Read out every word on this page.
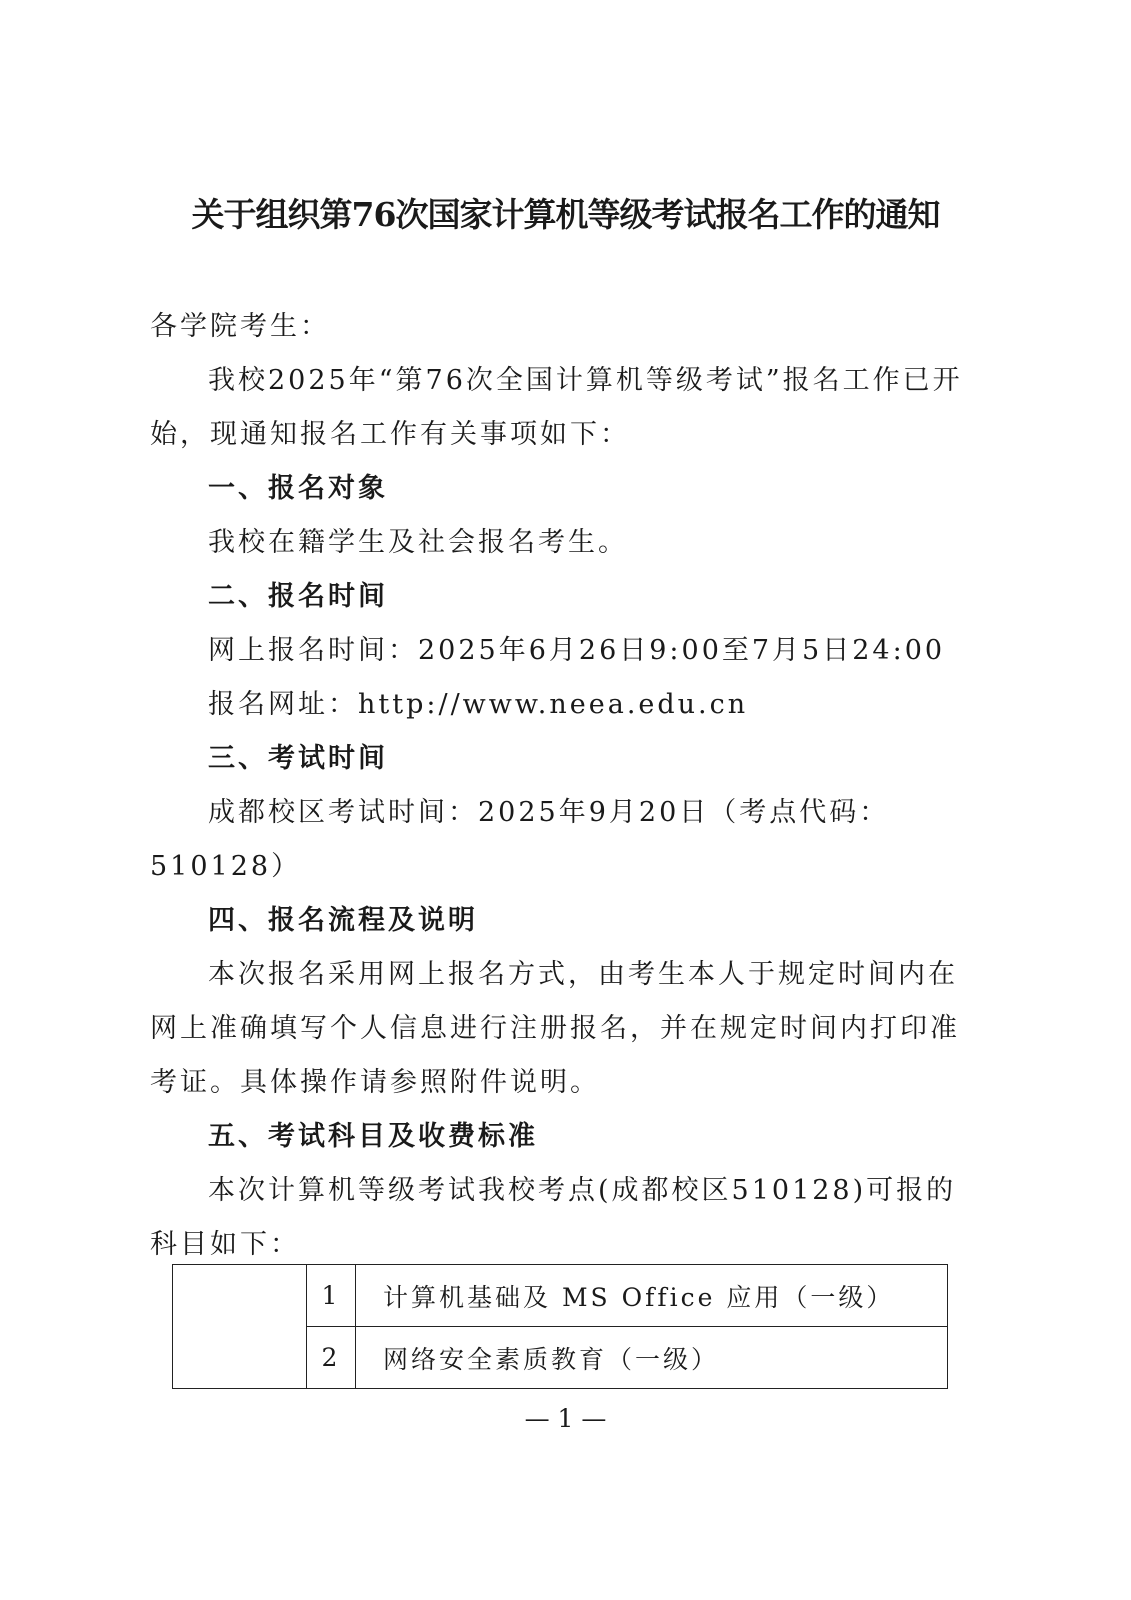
关于组织第76次国家计算机等级考试报名工作的通知

各学院考生：

我校2025年“第76次全国计算机等级考试”报名工作已开始，现通知报名工作有关事项如下：

一、报名对象

我校在籍学生及社会报名考生。

二、报名时间

网上报名时间：2025年6月26日9:00至7月5日24:00

报名网址：http://www.neea.edu.cn

三、考试时间

成都校区考试时间：2025年9月20日（考点代码：510128）

四、报名流程及说明

本次报名采用网上报名方式，由考生本人于规定时间内在网上准确填写个人信息进行注册报名，并在规定时间内打印准考证。具体操作请参照附件说明。

五、考试科目及收费标准

本次计算机等级考试我校考点(成都校区510128)可报的科目如下：

	1	计算机基础及 MS Office 应用（一级）
	2	网络安全素质教育（一级）

— 1 —
